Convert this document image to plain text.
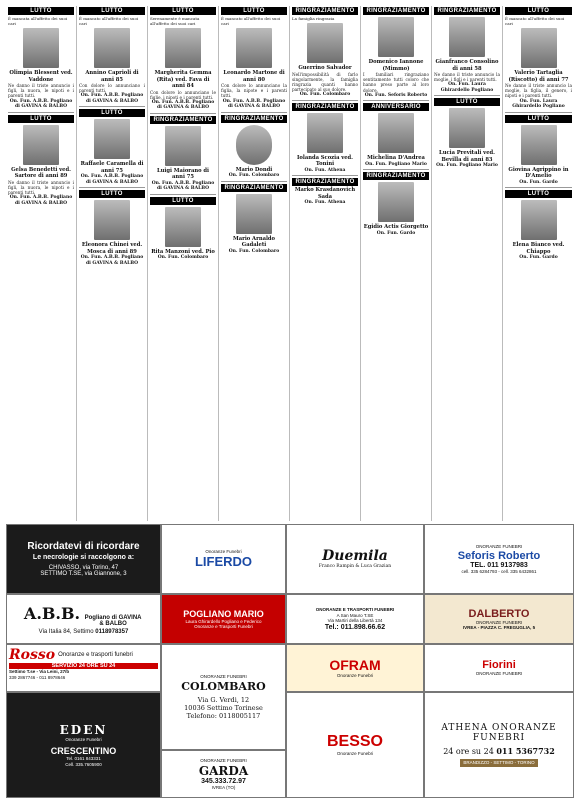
LUTTO
È mancata all'affetto dei suoi cari
Olimpia Blessent ved. Vaddone
Ne danno il triste annuncio i figli, la nuora, le nipoti e i parenti tutti.
On. Fun. A.B.B. Pogliano di GAVINA & BALBO
LUTTO
Gelsa Benedetti ved. Sartore di anni 89
Ne danno il triste annuncio i figli, la nuora, le nipoti e i parenti tutti.
On. Fun. A.B.B. Pogliano di GAVINA & BALBO
LUTTO
È mancato all'affetto dei suoi cari
Annino Caprioli di anni 85
Con dolore lo annunciano i parenti tutti.
On. Fun. A.B.B. Pogliano di GAVINA & BALBO
LUTTO
Raffaele Caramella di anni 75
On. Fun. A.B.B. Pogliano di GAVINA & BALBO
LUTTO
Eleonora Chinei ved. Mosca di anni 89
On. Fun. A.B.B. Pogliano di GAVINA & BALBO
LUTTO
Serenamente è mancata all'affetto dei suoi cari
Margherita Gemma (Rita) ved. Fava di anni 84
Con dolore lo annunciano le figlie, i nipoti e i parenti tutti.
On. Fun. A.B.B. Pogliano di GAVINA & BALBO
RINGRAZIAMENTO
Luigi Maiorano di anni 75
On. Fun. A.B.B. Pogliano di GAVINA & BALBO
LUTTO
Rita Manzoni ved. Pio
On. Fun. Colombaro
LUTTO
È mancato all'affetto dei suoi cari
Leonardo Martone di anni 80
Con dolore lo annunciano la figlia, la nipote e i parenti tutti.
On. Fun. A.B.B. Pogliano di GAVINA & BALBO
RINGRAZIAMENTO
Mario Dondi
On. Fun. Colombaro
RINGRAZIAMENTO
Mario Arnaldo Gadaleti
On. Fun. Colombaro
RINGRAZIAMENTO
La famiglia ringrazia
Guerrino Salvador
Nell'impossibilità di farlo singolarmente, la famiglia ringrazia quanti hanno partecipato al suo dolore.
On. Fun. Colombaro
RINGRAZIAMENTO
Iolanda Scozia ved. Tonini
On. Fun. Athena
RINGRAZIAMENTO
Marko Krasdanovich Sada
On. Fun. Athena
RINGRAZIAMENTO
Domenico Iannone (Mimmo)
I familiari ringraziano sentitamente tutti coloro che hanno preso parte al loro dolore.
On. Fun. Seforis Roberto
ANNIVERSARIO
Michelina D'Andrea
On. Fun. Pogliano Mario
RINGRAZIAMENTO
Egidio Actis Giorgetto
On. Fun. Gardo
RINGRAZIAMENTO
Gianfranco Consolino di anni 58
Ne danno il triste annuncio la moglie, i figli e i parenti tutti.
On. Fun. Laura Ghirardello Pogliano
LUTTO
Lucia Previtali ved. Bevilla di anni 83
On. Fun. Pogliano Mario
LUTTO
È mancato all'affetto dei suoi cari
Valerio Tartaglia (Riscotto) di anni 77
Ne danno il triste annuncio la moglie, la figlia, il genero, i nipoti e i parenti tutti.
On. Fun. Laura Ghirardello Pogliano
LUTTO
Giovina Agrippino in D'Amelio
On. Fun. Gardo
LUTTO
Elena Bianco ved. Chiappo
On. Fun. Gardo
Ricordatevi di ricordare
Le necrologie si raccolgono a:
CHIVASSO, via Torino, 47
SETTIMO T.SE, via Giannone, 3
Onoranze Funebri
LIFERDO	Duemila
Franco Rampin & Luca Grazian
ONORANZE FUNEBRI
Seforis Roberto
TEL. 011 9137983
cell. 335 6284793 - cell. 335 6432861
A.B.B. Pogliano di GAVINA & BALBO
Via Italia 84, Settimo 0118978357
POGLIANO MARIO
Laura Ghirardello Pogliano e Federico
Onoranze e Trasporti Funebri
ONORANZE E TRASPORTI FUNEBRI
A San Mauro T.SE
Via Martiri della Libertà 134
Tel.: 011.898.66.62
DALBERTO
ONORANZE FUNEBRI
IVREA - PIAZZA C. FREGUGLIA, 5
Rosso Onoranze e trasporti funebri
SERVIZIO 24 ORE SU 24
Settimo T.se - Via Leini, 27/b
339 2867746 - 011 8978646	ONORANZE FUNEBRI
COLOMBARO
Via G. Verdi, 12
10036 Settimo Torinese
Telefono: 0118005117
OFRAM
Onoranze Funebri
Fiorini
ONORANZE FUNEBRI
EDEN
Onoranze Funebri
CRESCENTINO
Tel. 0161 843331
Cell. 335.7605900
ONORANZE FUNEBRI
GARDA
345.333.72.97
IVREA (TO)
BESSO
Onoranze Funebri
ATHENA ONORANZE FUNEBRI
24 ore su 24 011 5367732
BRANDIZZO - SETTIMO - TORINO
